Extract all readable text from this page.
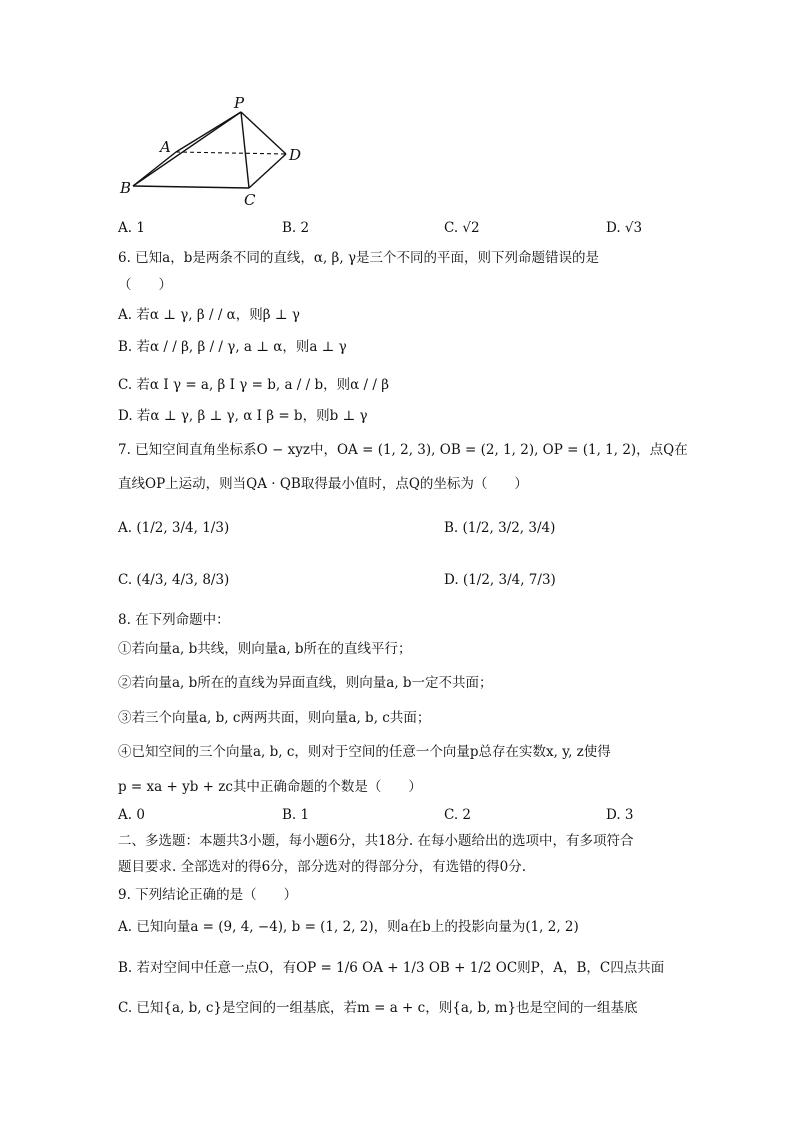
P
A	D
B
C
A. 1	B. 2	C. √2	D. √3
6. 已知a，b是两条不同的直线，α, β, γ是三个不同的平面，则下列命题错误的是
（　　）
A. 若α ⊥ γ, β / / α，则β ⊥ γ
B. 若α / / β, β / / γ, a ⊥ α，则a ⊥ γ
C. 若α I γ = a, β I γ = b, a / / b，则α / / β
D. 若α ⊥ γ, β ⊥ γ, α I β = b，则b ⊥ γ
7. 已知空间直角坐标系O − xyz中，OA = (1, 2, 3), OB = (2, 1, 2), OP = (1, 1, 2)，点Q在
直线OP上运动，则当QA · QB取得最小值时，点Q的坐标为（　　）
A. (1/2, 3/4, 1/3)	B. (1/2, 3/2, 3/4)
C. (4/3, 4/3, 8/3)	D. (1/2, 3/4, 7/3)
8. 在下列命题中：
①若向量a, b共线，则向量a, b所在的直线平行；
②若向量a, b所在的直线为异面直线，则向量a, b一定不共面；
③若三个向量a, b, c两两共面，则向量a, b, c共面；
④已知空间的三个向量a, b, c，则对于空间的任意一个向量p总存在实数x, y, z使得
p = xa + yb + zc其中正确命题的个数是（　　）
A. 0	B. 1	C. 2	D. 3
二、多选题：本题共3小题，每小题6分，共18分. 在每小题给出的选项中，有多项符合
题目要求. 全部选对的得6分，部分选对的得部分分，有选错的得0分.
9. 下列结论正确的是（　　）
A. 已知向量a = (9, 4, −4), b = (1, 2, 2)，则a在b上的投影向量为(1, 2, 2)
B. 若对空间中任意一点O，有OP = 1/6 OA + 1/3 OB + 1/2 OC则P，A，B，C四点共面
C. 已知{a, b, c}是空间的一组基底，若m = a + c，则{a, b, m}也是空间的一组基底
